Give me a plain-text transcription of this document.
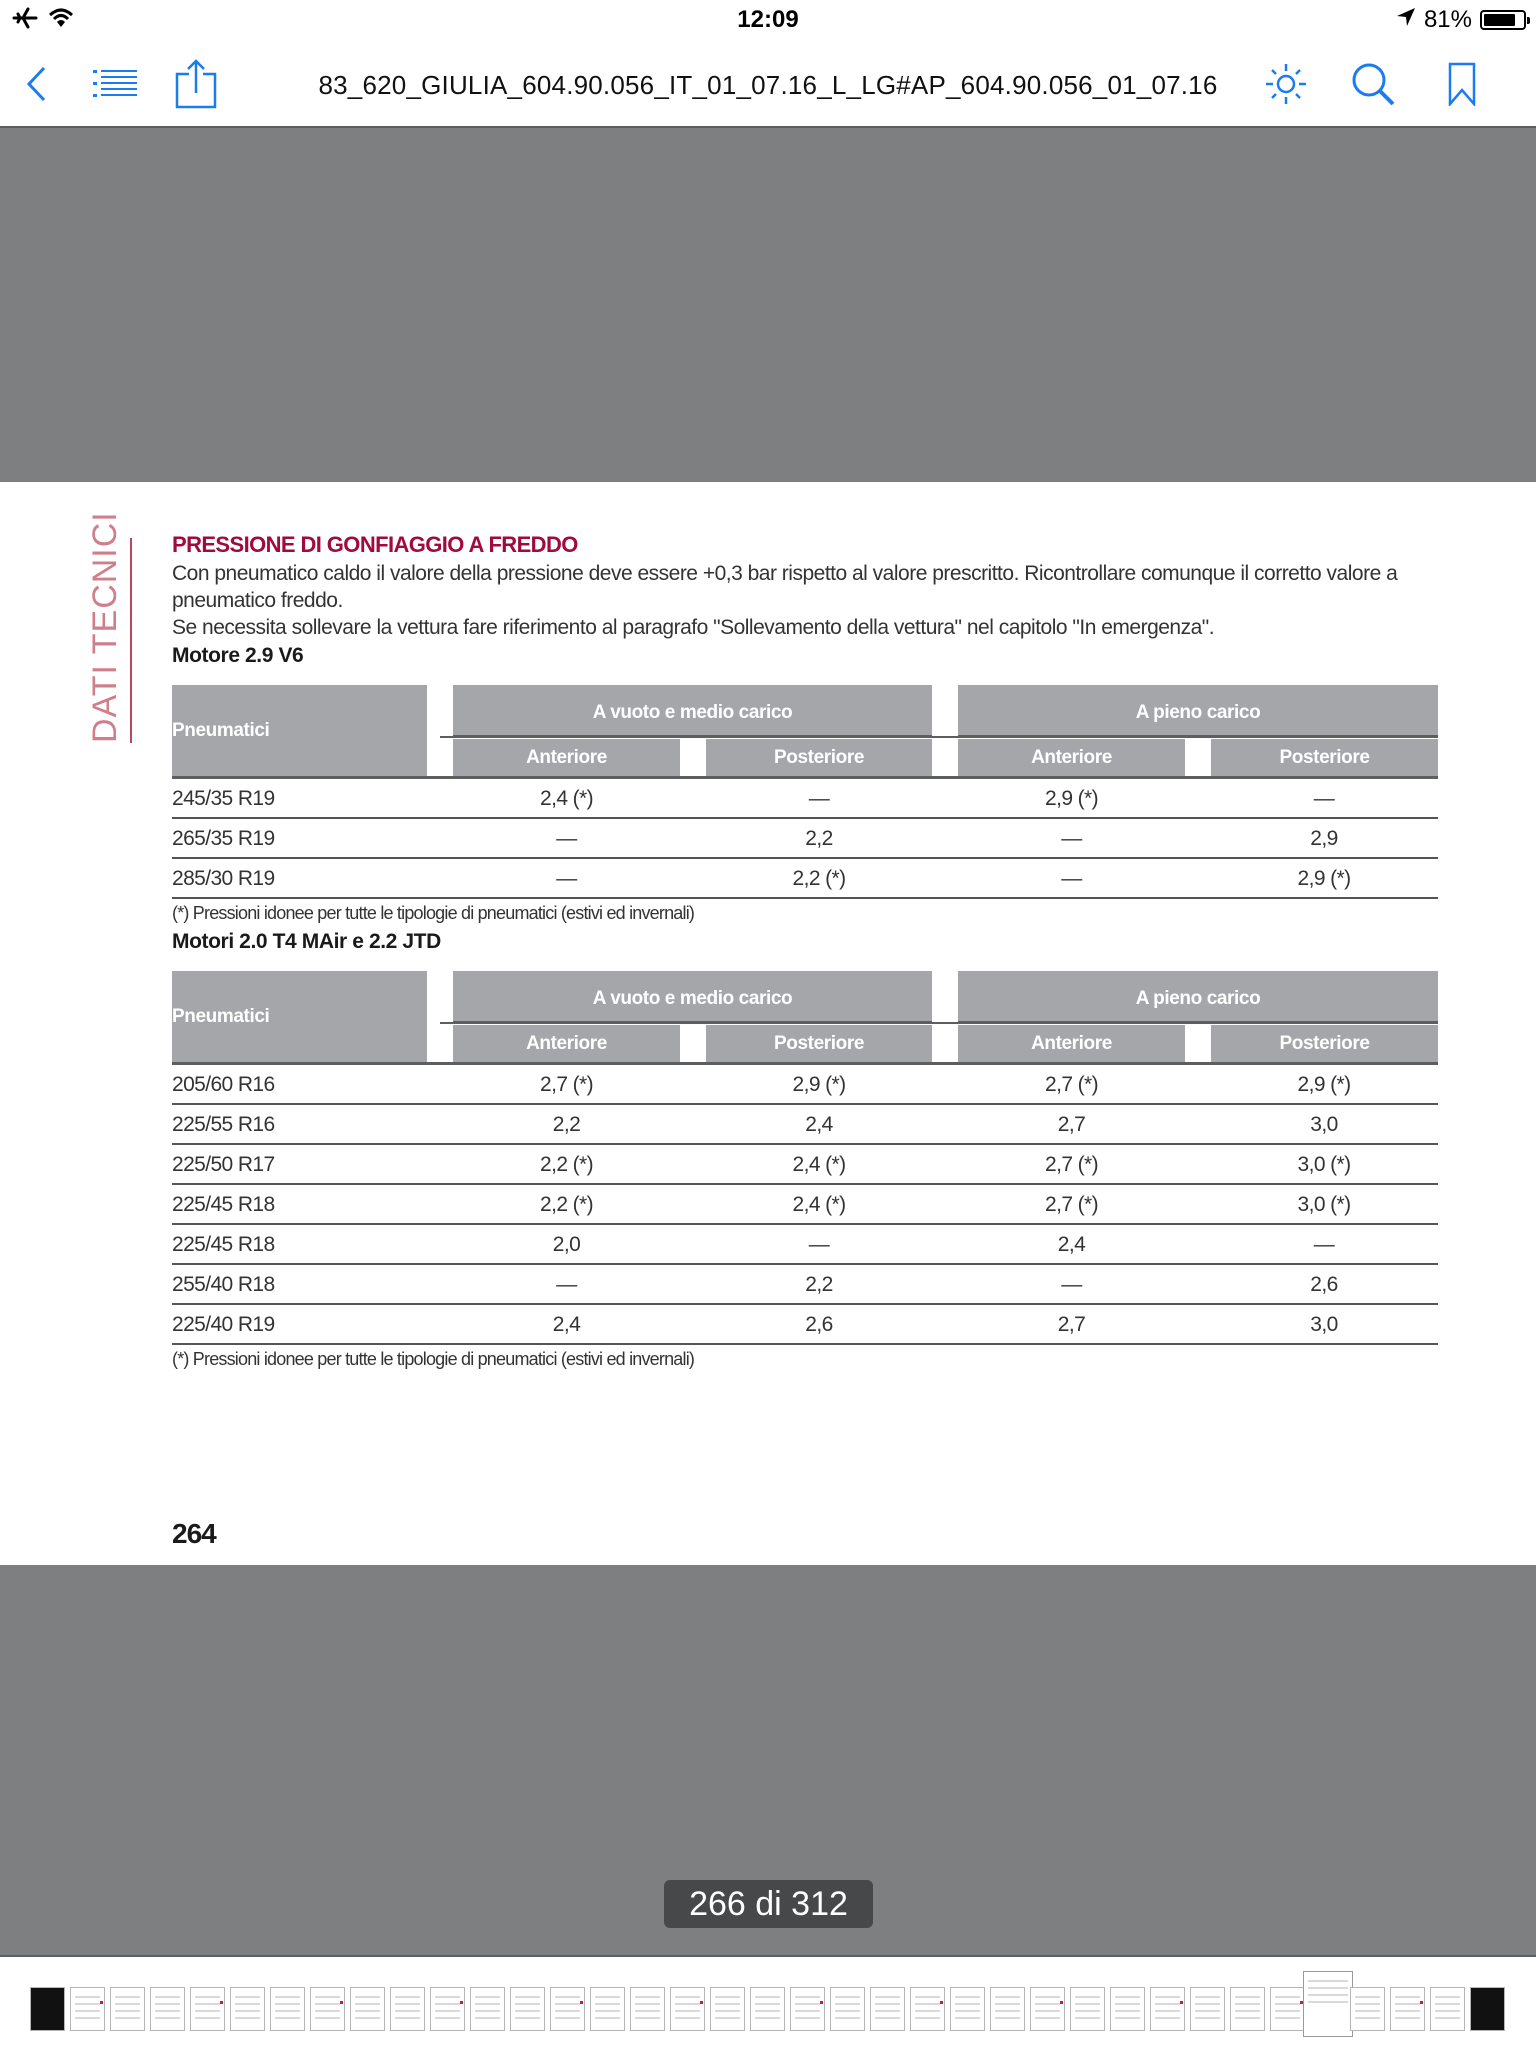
12:09	81%
83_620_GIULIA_604.90.056_IT_01_07.16_L_LG#AP_604.90.056_01_07.16
DATI TECNICI PRESSIONE DI GONFIAGGIO A FREDDO
Con pneumatico caldo il valore della pressione deve essere +0,3 bar rispetto al valore prescritto. Ricontrollare comunque il corretto valore a pneumatico freddo.
Se necessita sollevare la vettura fare riferimento al paragrafo "Sollevamento della vettura" nel capitolo "In emergenza".
Motore 2.9 V6
Pneumatici
A vuoto e medio carico	A pieno carico
Anteriore	Posteriore	Anteriore	Posteriore
245/35 R19	2,4 (*)	—	2,9 (*)	—
265/35 R19	—	2,2	—	2,9
285/30 R19	—	2,2 (*)	—	2,9 (*)
(*) Pressioni idonee per tutte le tipologie di pneumatici (estivi ed invernali)
Motori 2.0 T4 MAir e 2.2 JTD
Pneumatici
A vuoto e medio carico	A pieno carico
Anteriore	Posteriore	Anteriore	Posteriore
205/60 R16	2,7 (*)	2,9 (*)	2,7 (*)	2,9 (*)
225/55 R16	2,2	2,4	2,7	3,0
225/50 R17	2,2 (*)	2,4 (*)	2,7 (*)	3,0 (*)
225/45 R18	2,2 (*)	2,4 (*)	2,7 (*)	3,0 (*)
225/45 R18	2,0	—	2,4	—
255/40 R18	—	2,2	—	2,6
225/40 R19	2,4	2,6	2,7	3,0
(*) Pressioni idonee per tutte le tipologie di pneumatici (estivi ed invernali)
264
266 di 312
